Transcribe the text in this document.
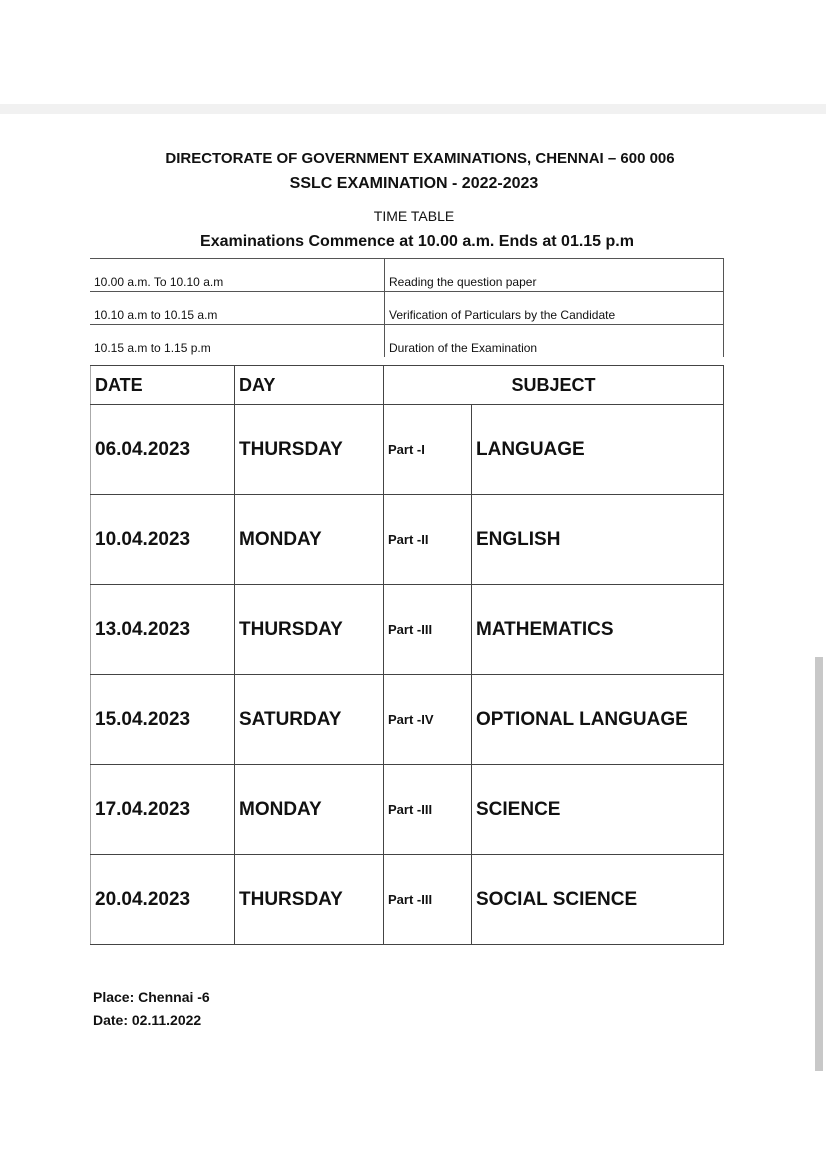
DIRECTORATE OF GOVERNMENT EXAMINATIONS, CHENNAI – 600 006
SSLC EXAMINATION - 2022-2023
TIME TABLE
Examinations Commence at 10.00 a.m. Ends at 01.15 p.m
10.00 a.m. To 10.10 a.m	Reading the question paper
10.10 a.m to 10.15 a.m	Verification of Particulars by the Candidate
10.15 a.m to 1.15 p.m	Duration of the Examination
DATE	DAY	SUBJECT	
06.04.2023	THURSDAY	Part -I	LANGUAGE
10.04.2023	MONDAY	Part -II	ENGLISH
13.04.2023	THURSDAY	Part -III	MATHEMATICS
15.04.2023	SATURDAY	Part -IV	OPTIONAL LANGUAGE
17.04.2023	MONDAY	Part -III	SCIENCE
20.04.2023	THURSDAY	Part -III	SOCIAL SCIENCE
Place: Chennai -6
Date: 02.11.2022
